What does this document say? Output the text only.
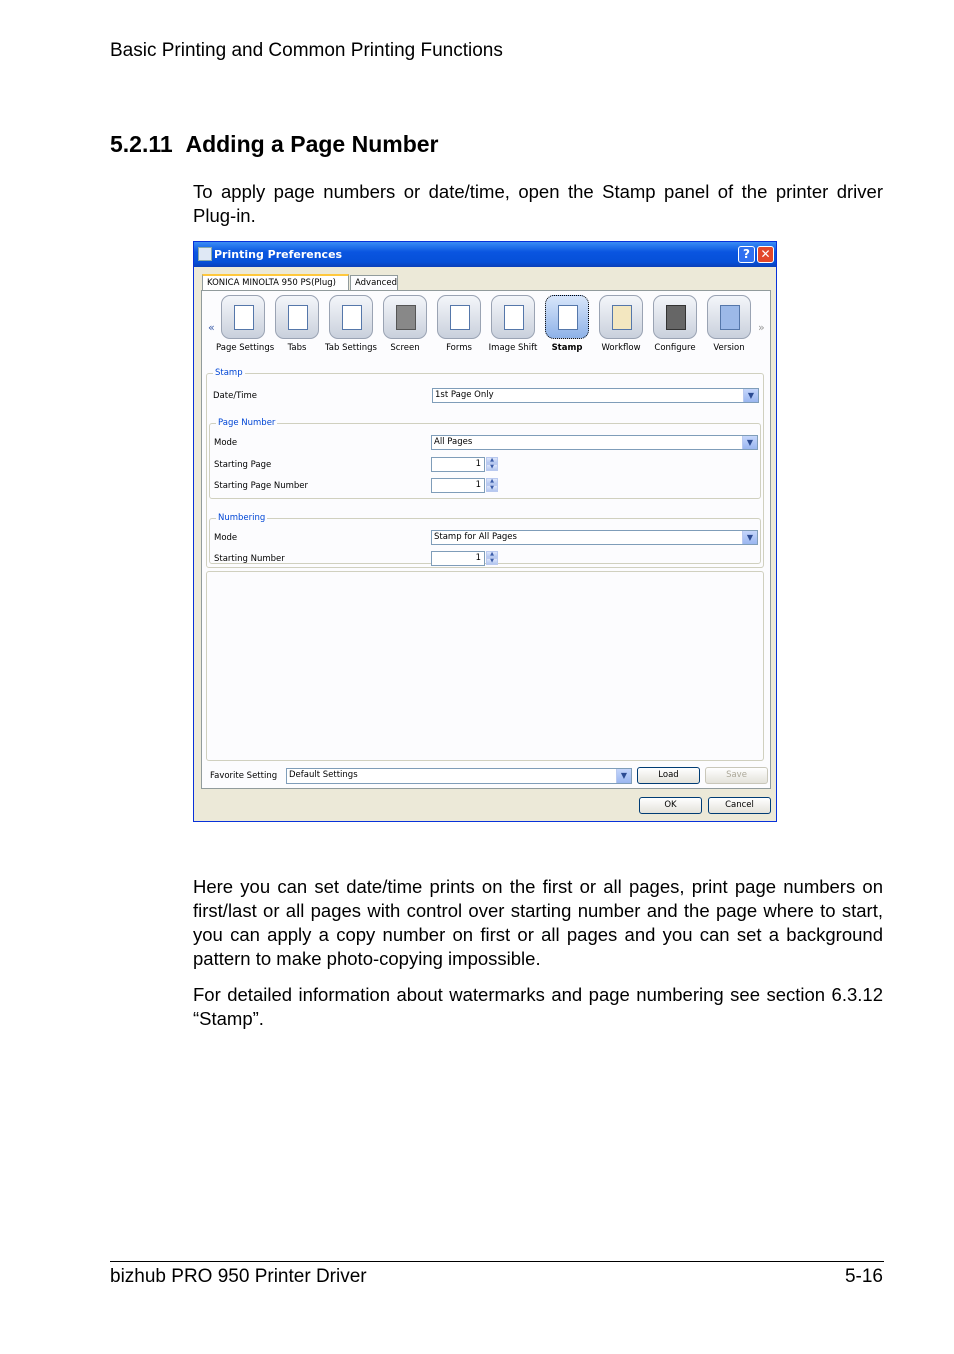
Basic Printing and Common Printing Functions
5.2.11 Adding a Page Number
To apply page numbers or date/time, open the Stamp panel of the printer driver Plug-in.
Printing Preferences	? ✕
KONICA MINOLTA 950 PS(Plug)	Advanced
«	»
Page Settings	Tabs	Tab Settings	Screen	Forms	Image Shift	Stamp	Workflow	Configure	Version
Stamp
Date/Time	1st Page Only	▼
Page Number
Mode	All Pages	▼
Starting Page	1	▲
▼
Starting Page Number	1	▲
▼
Numbering
Mode	Stamp for All Pages	▼
Starting Number	1	▲
▼
Favorite Setting	Default Settings	▼	Load	Save
OK	Cancel
Here you can set date/time prints on the first or all pages, print page numbers on first/last or all pages with control over starting number and the page where to start, you can apply a copy number on first or all pages and you can set a background pattern to make photo-copying impossible.
For detailed information about watermarks and page numbering see section 6.3.12 “Stamp”.
bizhub PRO 950 Printer Driver	5-16
